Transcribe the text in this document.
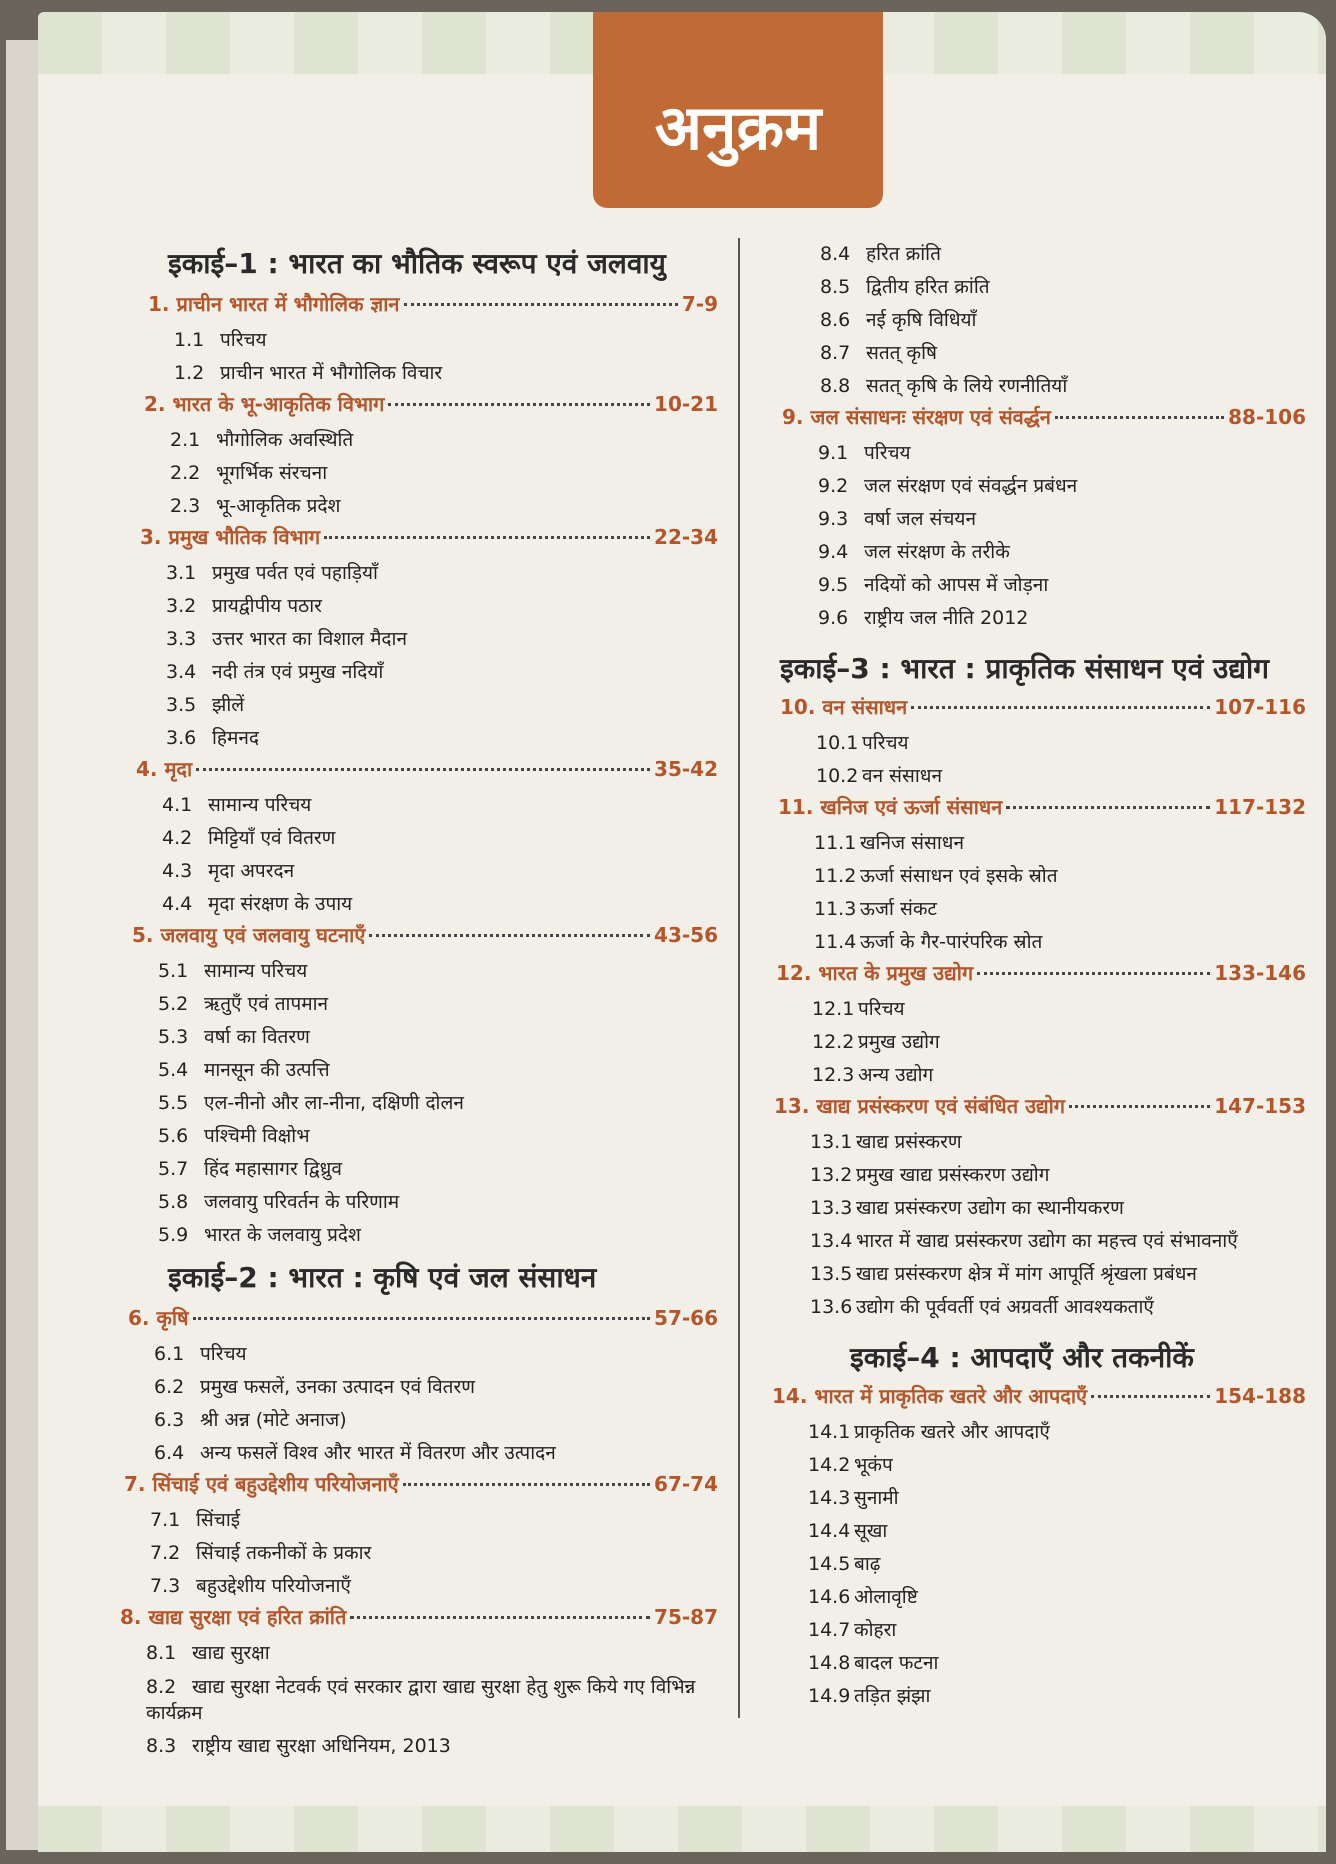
अनुक्रम
इकाई–1 : भारत का भौतिक स्वरूप एवं जलवायु
1. प्राचीन भारत में भौगोलिक ज्ञान	7-9
1.1 परिचय
1.2 प्राचीन भारत में भौगोलिक विचार
2. भारत के भू-आकृतिक विभाग	10-21
2.1 भौगोलिक अवस्थिति
2.2 भूगर्भिक संरचना
2.3 भू-आकृतिक प्रदेश
3. प्रमुख भौतिक विभाग	22-34
3.1 प्रमुख पर्वत एवं पहाड़ियाँ
3.2 प्रायद्वीपीय पठार
3.3 उत्तर भारत का विशाल मैदान
3.4 नदी तंत्र एवं प्रमुख नदियाँ
3.5 झीलें
3.6 हिमनद
4. मृदा	35-42
4.1 सामान्य परिचय
4.2 मिट्टियाँ एवं वितरण
4.3 मृदा अपरदन
4.4 मृदा संरक्षण के उपाय
5. जलवायु एवं जलवायु घटनाएँ	43-56
5.1 सामान्य परिचय
5.2 ऋतुएँ एवं तापमान
5.3 वर्षा का वितरण
5.4 मानसून की उत्पत्ति
5.5 एल-नीनो और ला-नीना, दक्षिणी दोलन
5.6 पश्चिमी विक्षोभ
5.7 हिंद महासागर द्विध्रुव
5.8 जलवायु परिवर्तन के परिणाम
5.9 भारत के जलवायु प्रदेश
इकाई–2 : भारत : कृषि एवं जल संसाधन
6. कृषि	57-66
6.1 परिचय
6.2 प्रमुख फसलें, उनका उत्पादन एवं वितरण
6.3 श्री अन्न (मोटे अनाज)
6.4 अन्य फसलें विश्व और भारत में वितरण और उत्पादन
7. सिंचाई एवं बहुउद्देशीय परियोजनाएँ	67-74
7.1 सिंचाई
7.2 सिंचाई तकनीकों के प्रकार
7.3 बहुउद्देशीय परियोजनाएँ
8. खाद्य सुरक्षा एवं हरित क्रांति	75-87
8.1 खाद्य सुरक्षा
8.2 खाद्य सुरक्षा नेटवर्क एवं सरकार द्वारा खाद्य सुरक्षा हेतु शुरू किये गए विभिन्न कार्यक्रम
8.3 राष्ट्रीय खाद्य सुरक्षा अधिनियम, 2013
8.4 हरित क्रांति
8.5 द्वितीय हरित क्रांति
8.6 नई कृषि विधियाँ
8.7 सतत् कृषि
8.8 सतत् कृषि के लिये रणनीतियाँ
9. जल संसाधनः संरक्षण एवं संवर्द्धन	88-106
9.1 परिचय
9.2 जल संरक्षण एवं संवर्द्धन प्रबंधन
9.3 वर्षा जल संचयन
9.4 जल संरक्षण के तरीके
9.5 नदियों को आपस में जोड़ना
9.6 राष्ट्रीय जल नीति 2012
इकाई–3 : भारत : प्राकृतिक संसाधन एवं उद्योग
10. वन संसाधन	107-116
10.1 परिचय
10.2 वन संसाधन
11. खनिज एवं ऊर्जा संसाधन	117-132
11.1 खनिज संसाधन
11.2 ऊर्जा संसाधन एवं इसके स्रोत
11.3 ऊर्जा संकट
11.4 ऊर्जा के गैर-पारंपरिक स्रोत
12. भारत के प्रमुख उद्योग	133-146
12.1 परिचय
12.2 प्रमुख उद्योग
12.3 अन्य उद्योग
13. खाद्य प्रसंस्करण एवं संबंधित उद्योग	147-153
13.1 खाद्य प्रसंस्करण
13.2 प्रमुख खाद्य प्रसंस्करण उद्योग
13.3 खाद्य प्रसंस्करण उद्योग का स्थानीयकरण
13.4 भारत में खाद्य प्रसंस्करण उद्योग का महत्त्व एवं संभावनाएँ
13.5 खाद्य प्रसंस्करण क्षेत्र में मांग आपूर्ति श्रृंखला प्रबंधन
13.6 उद्योग की पूर्ववर्ती एवं अग्रवर्ती आवश्यकताएँ
इकाई–4 : आपदाएँ और तकनीकें
14. भारत में प्राकृतिक खतरे और आपदाएँ	154-188
14.1 प्राकृतिक खतरे और आपदाएँ
14.2 भूकंप
14.3 सुनामी
14.4 सूखा
14.5 बाढ़
14.6 ओलावृष्टि
14.7 कोहरा
14.8 बादल फटना
14.9 तड़ित झंझा
